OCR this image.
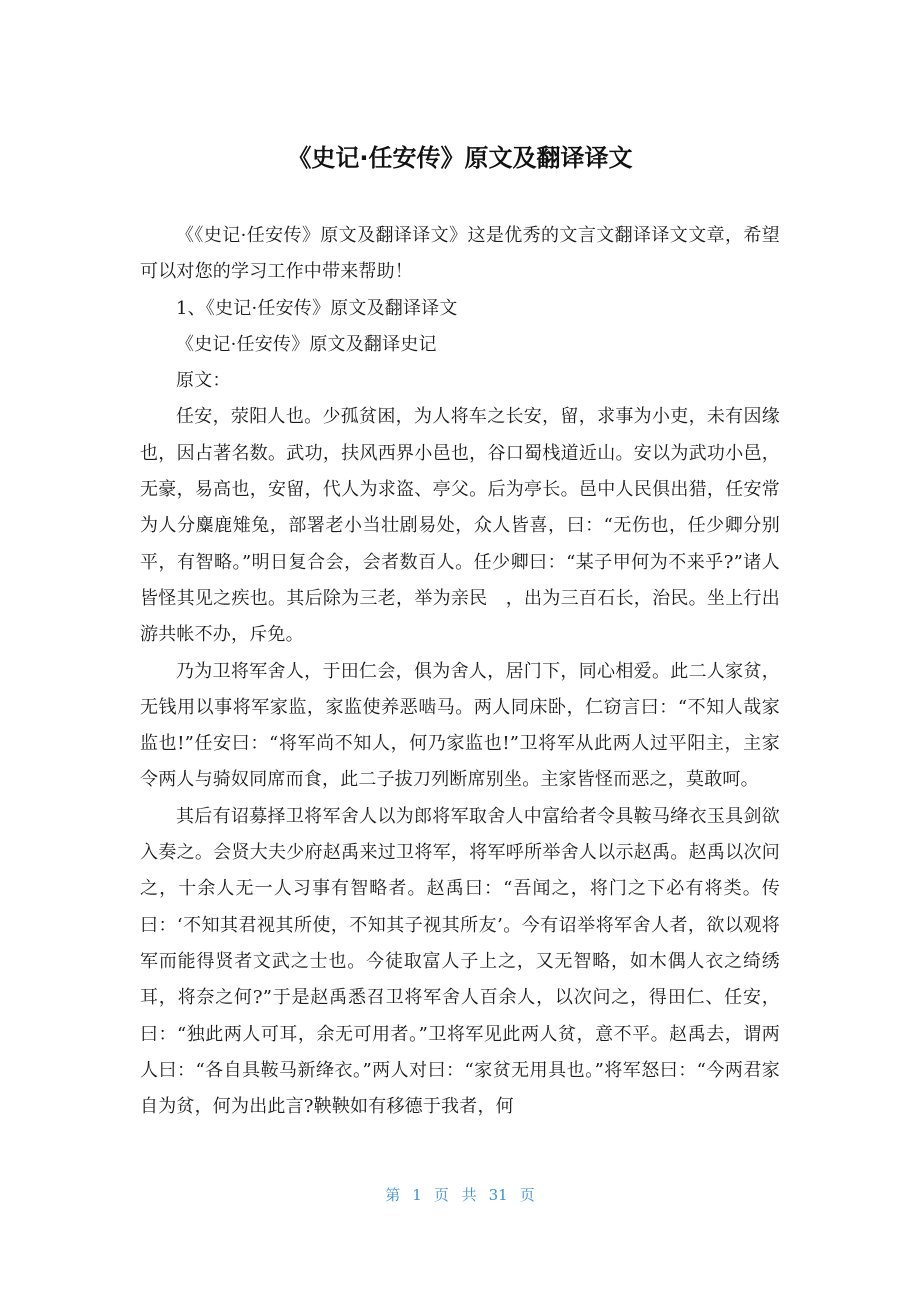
《史记·任安传》原文及翻译译文

《《史记·任安传》原文及翻译译文》这是优秀的文言文翻译译文文章，希望可以对您的学习工作中带来帮助！

1、《史记·任安传》原文及翻译译文

《史记·任安传》原文及翻译史记

原文：

任安，荥阳人也。少孤贫困，为人将车之长安，留，求事为小吏，未有因缘也，因占著名数。武功，扶风西界小邑也，谷口蜀栈道近山。安以为武功小邑，无豪，易高也，安留，代人为求盗、亭父。后为亭长。邑中人民俱出猎，任安常为人分麋鹿雉兔，部署老小当壮剧易处，众人皆喜，曰：“无伤也，任少卿分别平，有智略。”明日复合会，会者数百人。任少卿曰：“某子甲何为不来乎?”诸人皆怪其见之疾也。其后除为三老，举为亲民　，出为三百石长，治民。坐上行出游共帐不办，斥免。

乃为卫将军舍人，于田仁会，俱为舍人，居门下，同心相爱。此二人家贫，无钱用以事将军家监，家监使养恶啮马。两人同床卧，仁窃言曰：“不知人哉家监也!”任安曰：“将军尚不知人，何乃家监也!”卫将军从此两人过平阳主，主家令两人与骑奴同席而食，此二子拔刀列断席别坐。主家皆怪而恶之，莫敢呵。

其后有诏募择卫将军舍人以为郎将军取舍人中富给者令具鞍马绛衣玉具剑欲入奏之。会贤大夫少府赵禹来过卫将军，将军呼所举舍人以示赵禹。赵禹以次问之，十余人无一人习事有智略者。赵禹曰：“吾闻之，将门之下必有将类。传曰：‘不知其君视其所使，不知其子视其所友’。今有诏举将军舍人者，欲以观将军而能得贤者文武之士也。今徒取富人子上之，又无智略，如木偶人衣之绮绣耳，将奈之何?”于是赵禹悉召卫将军舍人百余人，以次问之，得田仁、任安，曰：“独此两人可耳，余无可用者。”卫将军见此两人贫，意不平。赵禹去，谓两人曰：“各自具鞍马新绛衣。”两人对曰：“家贫无用具也。”将军怒曰：“今两君家自为贫，何为出此言?鞅鞅如有移德于我者，何

第 1 页 共 31 页
